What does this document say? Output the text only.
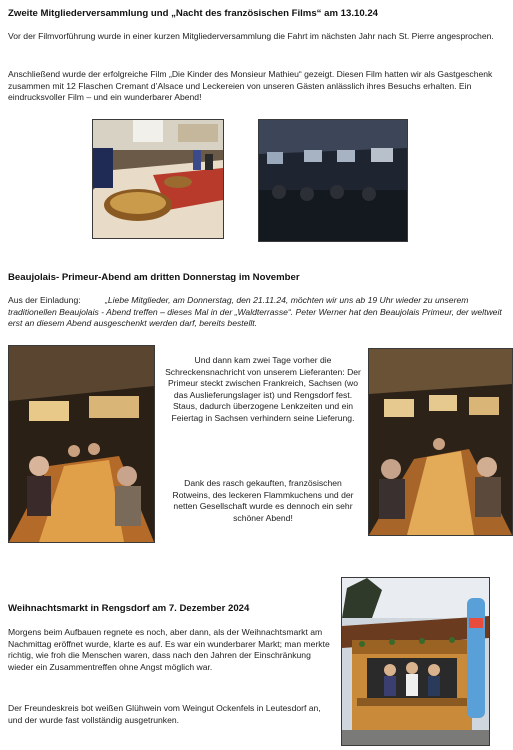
Zweite Mitgliederversammlung und „Nacht des französischen Films“ am 13.10.24
Vor der Filmvorführung wurde in einer kurzen Mitgliederversammlung die Fahrt im nächsten Jahr nach St. Pierre angesprochen.
Anschließend wurde der erfolgreiche Film „Die Kinder des Monsieur Mathieu“ gezeigt. Diesen Film hatten wir als Gastgeschenk zusammen mit 12 Flaschen Cremant d’Alsace und Leckereien von unseren Gästen anlässlich ihres Besuchs erhalten. Ein eindrucksvoller Film – und ein wunderbarer Abend!
Beaujolais- Primeur-Abend am dritten Donnerstag im November
Aus der Einladung:	„Liebe Mitglieder, am Donnerstag, den 21.11.24, möchten wir uns ab 19 Uhr wieder zu unserem traditionellen Beaujolais - Abend treffen – dieses Mal in der „Waldterrasse“. Peter Werner hat den Beaujolais Primeur, der weltweit erst an diesem Abend ausgeschenkt werden darf, bereits bestellt.
Und dann kam zwei Tage vorher die Schreckensnachricht von unserem Lieferanten: Der Primeur steckt zwischen Frankreich, Sachsen (wo das Auslieferungslager ist) und Rengsdorf fest. Staus, dadurch überzogene Lenkzeiten und ein Feiertag in Sachsen verhindern seine Lieferung.
Dank des rasch gekauften, französischen Rotweins, des leckeren Flammkuchens und der netten Gesellschaft wurde es dennoch ein sehr schöner Abend!
Weihnachtsmarkt in Rengsdorf am 7. Dezember 2024
Morgens beim Aufbauen regnete es noch, aber dann, als der Weihnachtsmarkt am Nachmittag eröffnet wurde, klarte es auf. Es war ein wunderbarer Markt; man merkte richtig, wie froh die Menschen waren, dass nach den Jahren der Einschränkung wieder ein Zusammentreffen ohne Angst möglich war.
Der Freundeskreis bot weißen Glühwein vom Weingut Ockenfels in Leutesdorf an, und der wurde fast vollständig ausgetrunken.
